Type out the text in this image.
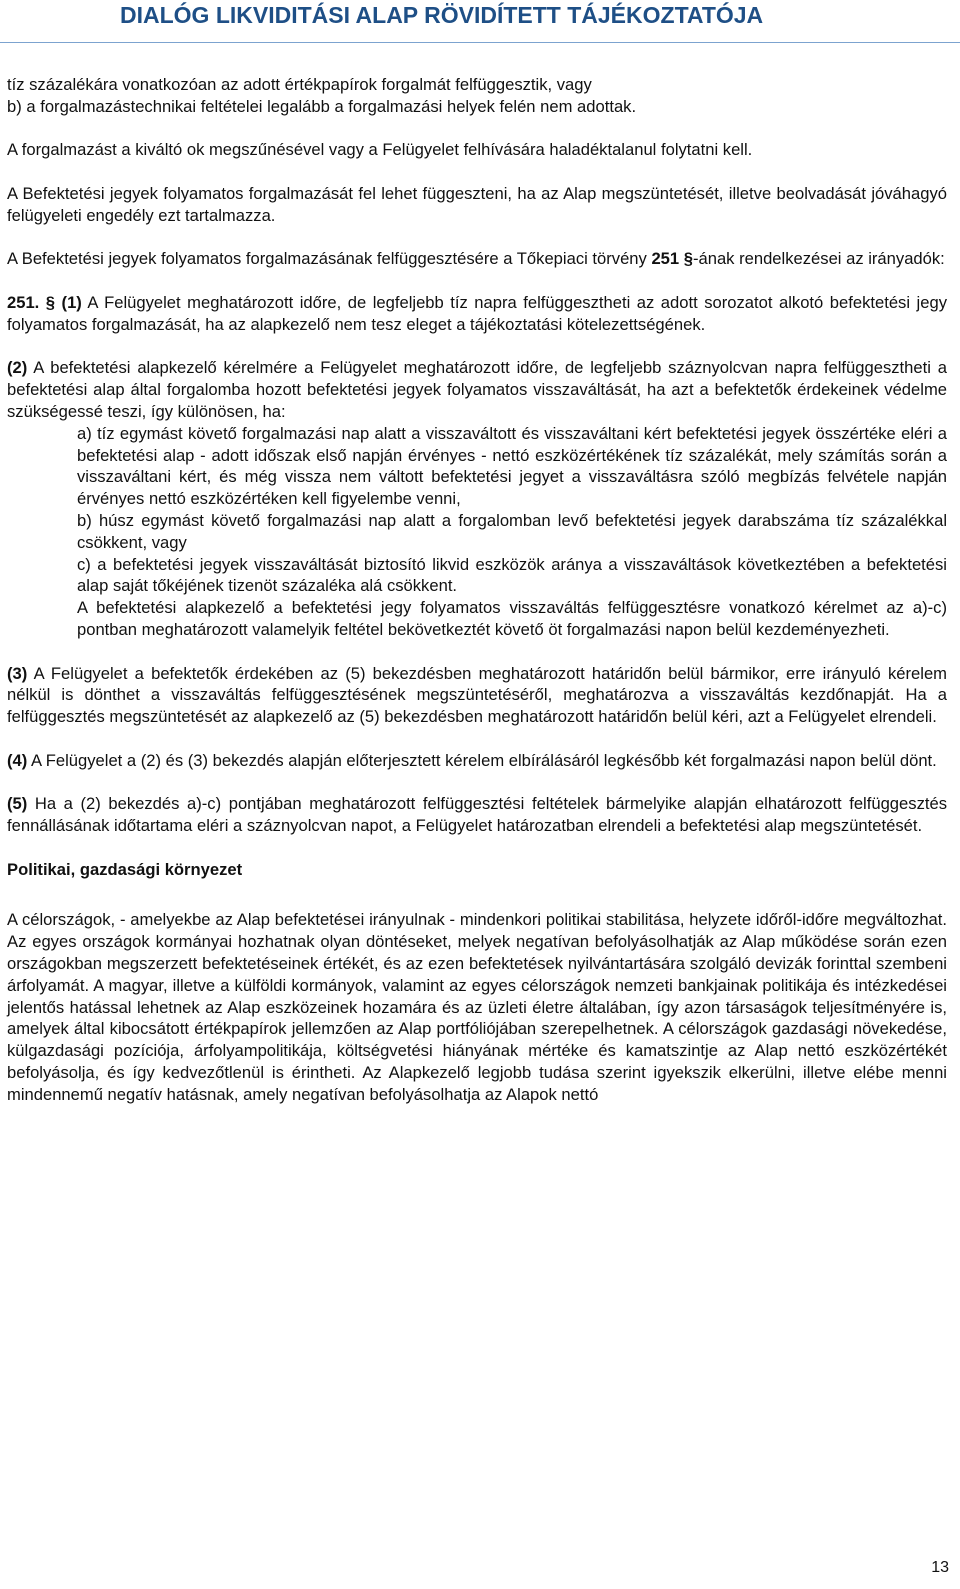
DIALÓG LIKVIDITÁSI ALAP RÖVIDÍTETT TÁJÉKOZTATÓJA

tíz százalékára vonatkozóan az adott értékpapírok forgalmát felfüggesztik, vagy
b) a forgalmazástechnikai feltételei legalább a forgalmazási helyek felén nem adottak.

A forgalmazást a kiváltó ok megszűnésével vagy a Felügyelet felhívására haladéktalanul folytatni kell.

A Befektetési jegyek folyamatos forgalmazását fel lehet függeszteni, ha az Alap megszüntetését, illetve beolvadását jóváhagyó felügyeleti engedély ezt tartalmazza.

A Befektetési jegyek folyamatos forgalmazásának felfüggesztésére a Tőkepiaci törvény 251 §-ának rendelkezései az irányadók:

251. § (1) A Felügyelet meghatározott időre, de legfeljebb tíz napra felfüggesztheti az adott sorozatot alkotó befektetési jegy folyamatos forgalmazását, ha az alapkezelő nem tesz eleget a tájékoztatási kötelezettségének.

(2) A befektetési alapkezelő kérelmére a Felügyelet meghatározott időre, de legfeljebb száznyolcvan napra felfüggesztheti a befektetési alap által forgalomba hozott befektetési jegyek folyamatos visszaváltását, ha azt a befektetők érdekeinek védelme szükségessé teszi, így különösen, ha:

a) tíz egymást követő forgalmazási nap alatt a visszaváltott és visszaváltani kért befektetési jegyek összértéke eléri a befektetési alap - adott időszak első napján érvényes - nettó eszközértékének tíz százalékát, mely számítás során a visszaváltani kért, és még vissza nem váltott befektetési jegyet a visszaváltásra szóló megbízás felvétele napján érvényes nettó eszközértéken kell figyelembe venni,
b) húsz egymást követő forgalmazási nap alatt a forgalomban levő befektetési jegyek darabszáma tíz százalékkal csökkent, vagy
c) a befektetési jegyek visszaváltását biztosító likvid eszközök aránya a visszaváltások következtében a befektetési alap saját tőkéjének tizenöt százaléka alá csökkent.
A befektetési alapkezelő a befektetési jegy folyamatos visszaváltás felfüggesztésre vonatkozó kérelmet az a)-c) pontban meghatározott valamelyik feltétel bekövetkeztét követő öt forgalmazási napon belül kezdeményezheti.

(3) A Felügyelet a befektetők érdekében az (5) bekezdésben meghatározott határidőn belül bármikor, erre irányuló kérelem nélkül is dönthet a visszaváltás felfüggesztésének megszüntetéséről, meghatározva a visszaváltás kezdőnapját. Ha a felfüggesztés megszüntetését az alapkezelő az (5) bekezdésben meghatározott határidőn belül kéri, azt a Felügyelet elrendeli.

(4) A Felügyelet a (2) és (3) bekezdés alapján előterjesztett kérelem elbírálásáról legkésőbb két forgalmazási napon belül dönt.

(5) Ha a (2) bekezdés a)-c) pontjában meghatározott felfüggesztési feltételek bármelyike alapján elhatározott felfüggesztés fennállásának időtartama eléri a száznyolcvan napot, a Felügyelet határozatban elrendeli a befektetési alap megszüntetését.

Politikai, gazdasági környezet

A célországok, - amelyekbe az Alap befektetései irányulnak - mindenkori politikai stabilitása, helyzete időről-időre megváltozhat. Az egyes országok kormányai hozhatnak olyan döntéseket, melyek negatívan befolyásolhatják az Alap működése során ezen országokban megszerzett befektetéseinek értékét, és az ezen befektetések nyilvántartására szolgáló devizák forinttal szembeni árfolyamát. A magyar, illetve a külföldi kormányok, valamint az egyes célországok nemzeti bankjainak politikája és intézkedései jelentős hatással lehetnek az Alap eszközeinek hozamára és az üzleti életre általában, így azon társaságok teljesítményére is, amelyek által kibocsátott értékpapírok jellemzően az Alap portfóliójában szerepelhetnek. A célországok gazdasági növekedése, külgazdasági pozíciója, árfolyampolitikája, költségvetési hiányának mértéke és kamatszintje az Alap nettó eszközértékét befolyásolja, és így kedvezőtlenül is érintheti. Az Alapkezelő legjobb tudása szerint igyekszik elkerülni, illetve elébe menni mindennemű negatív hatásnak, amely negatívan befolyásolhatja az Alapok nettó

13
